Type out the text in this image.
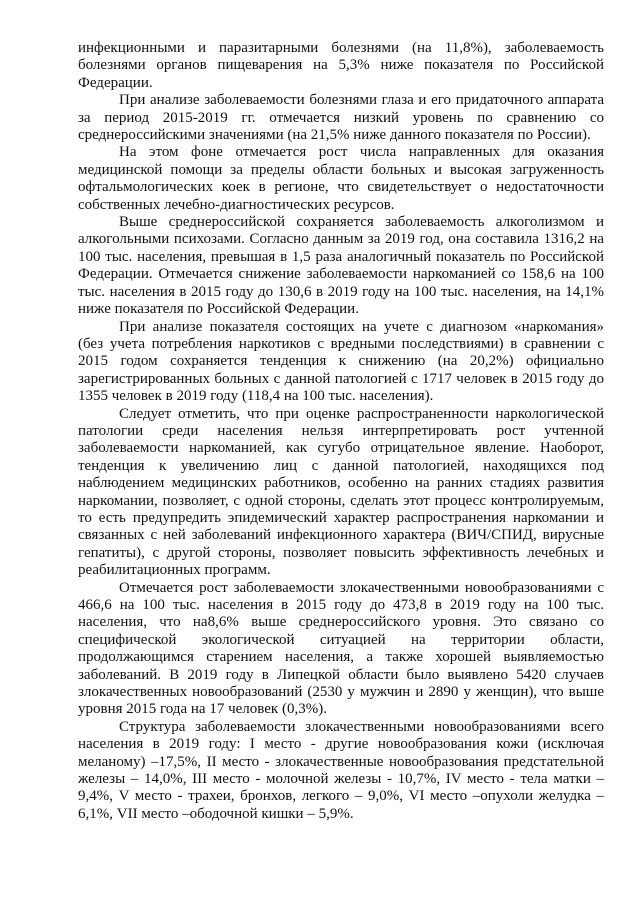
инфекционными и паразитарными болезнями (на 11,8%), заболеваемость болезнями органов пищеварения на 5,3% ниже показателя по Российской Федерации.

При анализе заболеваемости болезнями глаза и его придаточного аппарата за период 2015-2019 гг. отмечается низкий уровень по сравнению со среднероссийскими значениями (на 21,5% ниже данного показателя по России).

На этом фоне отмечается рост числа направленных для оказания медицинской помощи за пределы области больных и высокая загруженность офтальмологических коек в регионе, что свидетельствует о недостаточности собственных лечебно-диагностических ресурсов.

Выше среднероссийской сохраняется заболеваемость алкоголизмом и алкогольными психозами. Согласно данным за 2019 год, она составила 1316,2 на 100 тыс. населения, превышая в 1,5 раза аналогичный показатель по Российской Федерации. Отмечается снижение заболеваемости наркоманией со 158,6 на 100 тыс. населения в 2015 году до 130,6 в 2019 году на 100 тыс. населения, на 14,1% ниже показателя по Российской Федерации.

При анализе показателя состоящих на учете с диагнозом «наркомания» (без учета потребления наркотиков с вредными последствиями) в сравнении с 2015 годом сохраняется тенденция к снижению (на 20,2%) официально зарегистрированных больных с данной патологией с 1717 человек в 2015 году до 1355 человек в 2019 году (118,4 на 100 тыс. населения).

Следует отметить, что при оценке распространенности наркологической патологии среди населения нельзя интерпретировать рост учтенной заболеваемости наркоманией, как сугубо отрицательное явление. Наоборот, тенденция к увеличению лиц с данной патологией, находящихся под наблюдением медицинских работников, особенно на ранних стадиях развития наркомании, позволяет, с одной стороны, сделать этот процесс контролируемым, то есть предупредить эпидемический характер распространения наркомании и связанных с ней заболеваний инфекционного характера (ВИЧ/СПИД, вирусные гепатиты), с другой стороны, позволяет повысить эффективность лечебных и реабилитационных программ.

Отмечается рост заболеваемости злокачественными новообразованиями с 466,6 на 100 тыс. населения в 2015 году до 473,8 в 2019 году на 100 тыс. населения, что на8,6% выше среднероссийского уровня. Это связано со специфической экологической ситуацией на территории области, продолжающимся старением населения, а также хорошей выявляемостью заболеваний. В 2019 году в Липецкой области было выявлено 5420 случаев злокачественных новообразований (2530 у мужчин и 2890 у женщин), что выше уровня 2015 года на 17 человек (0,3%).

Структура заболеваемости злокачественными новообразованиями всего населения в 2019 году: I место - другие новообразования кожи (исключая меланому) –17,5%, II место - злокачественные новообразования предстательной железы – 14,0%, III место - молочной железы - 10,7%, IV место - тела матки – 9,4%, V место - трахеи, бронхов, легкого – 9,0%, VI место –опухоли желудка – 6,1%, VII место –ободочной кишки – 5,9%.
